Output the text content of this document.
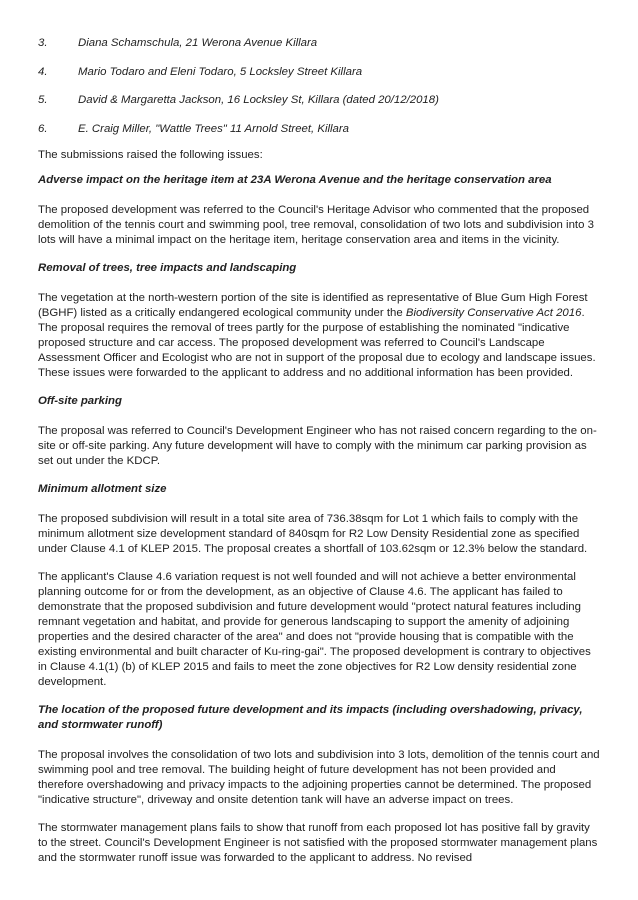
3.	Diana Schamschula, 21 Werona Avenue Killara
4.	Mario Todaro and Eleni Todaro, 5 Locksley Street Killara
5.	David & Margaretta Jackson, 16 Locksley St, Killara (dated 20/12/2018)
6.	E. Craig Miller, "Wattle Trees" 11 Arnold Street, Killara

The submissions raised the following issues:

Adverse impact on the heritage item at 23A Werona Avenue and the heritage conservation area

The proposed development was referred to the Council's Heritage Advisor who commented that the proposed demolition of the tennis court and swimming pool, tree removal, consolidation of two lots and subdivision into 3 lots will have a minimal impact on the heritage item, heritage conservation area and items in the vicinity.

Removal of trees, tree impacts and landscaping

The vegetation at the north-western portion of the site is identified as representative of Blue Gum High Forest (BGHF) listed as a critically endangered ecological community under the Biodiversity Conservative Act 2016. The proposal requires the removal of trees partly for the purpose of establishing the nominated "indicative proposed structure and car access. The proposed development was referred to Council's Landscape Assessment Officer and Ecologist who are not in support of the proposal due to ecology and landscape issues. These issues were forwarded to the applicant to address and no additional information has been provided.

Off-site parking

The proposal was referred to Council's Development Engineer who has not raised concern regarding to the on-site or off-site parking. Any future development will have to comply with the minimum car parking provision as set out under the KDCP.

Minimum allotment size

The proposed subdivision will result in a total site area of 736.38sqm for Lot 1 which fails to comply with the minimum allotment size development standard of 840sqm for R2 Low Density Residential zone as specified under Clause 4.1 of KLEP 2015. The proposal creates a shortfall of 103.62sqm or 12.3% below the standard.

The applicant's Clause 4.6 variation request is not well founded and will not achieve a better environmental planning outcome for or from the development, as an objective of Clause 4.6. The applicant has failed to demonstrate that the proposed subdivision and future development would "protect natural features including remnant vegetation and habitat, and provide for generous landscaping to support the amenity of adjoining properties and the desired character of the area" and does not "provide housing that is compatible with the existing environmental and built character of Ku-ring-gai". The proposed development is contrary to objectives in Clause 4.1(1) (b) of KLEP 2015 and fails to meet the zone objectives for R2 Low density residential zone development.

The location of the proposed future development and its impacts (including overshadowing, privacy, and stormwater runoff)

The proposal involves the consolidation of two lots and subdivision into 3 lots, demolition of the tennis court and swimming pool and tree removal. The building height of future development has not been provided and therefore overshadowing and privacy impacts to the adjoining properties cannot be determined. The proposed "indicative structure", driveway and onsite detention tank will have an adverse impact on trees.

The stormwater management plans fails to show that runoff from each proposed lot has positive fall by gravity to the street. Council's Development Engineer is not satisfied with the proposed stormwater management plans and the stormwater runoff issue was forwarded to the applicant to address. No revised
